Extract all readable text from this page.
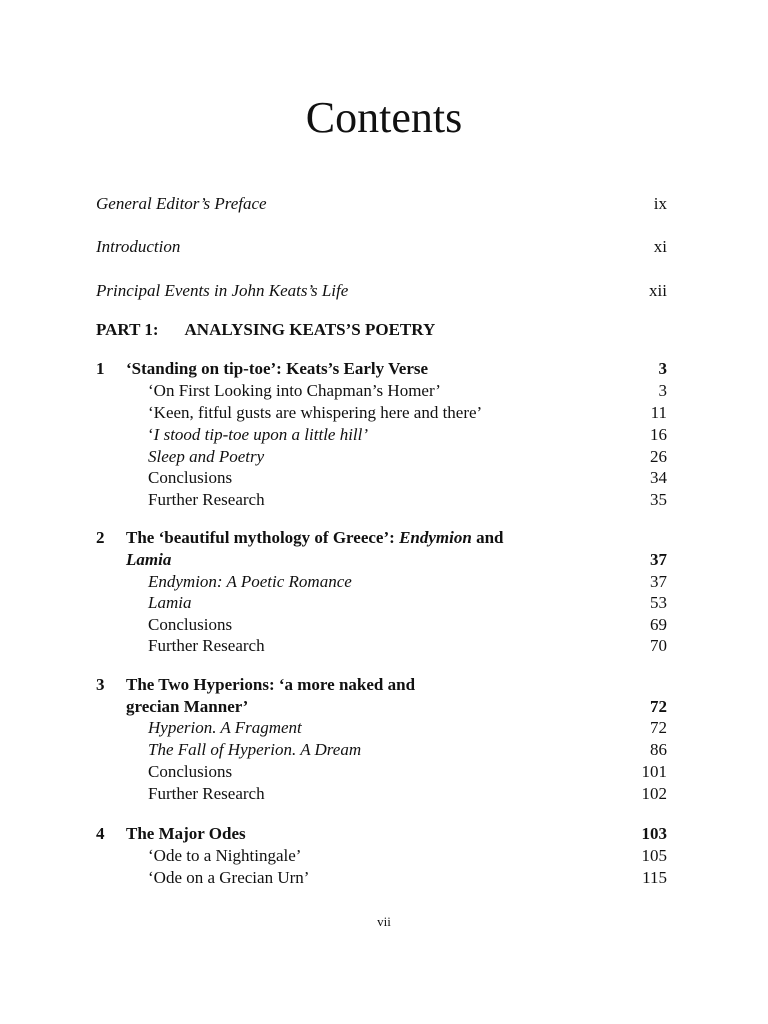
Contents
General Editor’s Preface	ix
Introduction	xi
Principal Events in John Keats’s Life	xii
PART 1: ANALYSING KEATS’S POETRY
1 ‘Standing on tip-toe’: Keats’s Early Verse	3
‘On First Looking into Chapman’s Homer’	3
‘Keen, fitful gusts are whispering here and there’	11
‘I stood tip-toe upon a little hill’	16
Sleep and Poetry	26
Conclusions	34
Further Research	35
2 The ‘beautiful mythology of Greece’: Endymion and
Lamia	37
Endymion: A Poetic Romance	37
Lamia	53
Conclusions	69
Further Research	70
3 The Two Hyperions: ‘a more naked and
grecian Manner’	72
Hyperion. A Fragment	72
The Fall of Hyperion. A Dream	86
Conclusions	101
Further Research	102
4 The Major Odes	103
‘Ode to a Nightingale’	105
‘Ode on a Grecian Urn’	115
vii
